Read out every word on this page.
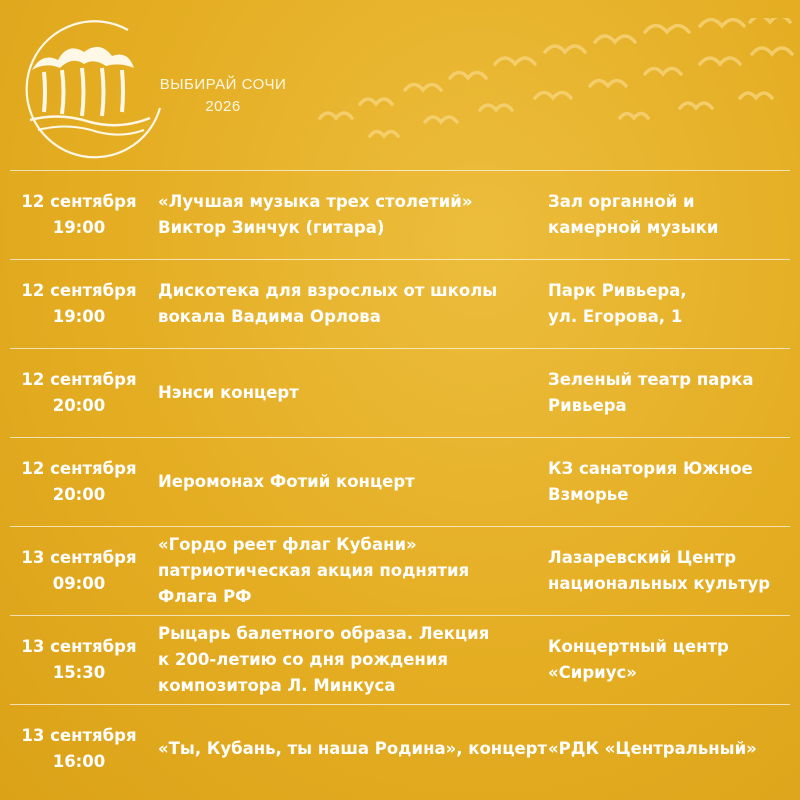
ВЫБИРАЙ СОЧИ
2026
12 сентября
19:00
«Лучшая музыка трех столетий»
Виктор Зинчук (гитара)
Зал органной и
камерной музыки
12 сентября
19:00
Дискотека для взрослых от школы
вокала Вадима Орлова
Парк Ривьера,
ул. Егорова, 1
12 сентября
20:00
Нэнси концерт
Зеленый театр парка
Ривьера
12 сентября
20:00
Иеромонах Фотий концерт
КЗ санатория Южное
Взморье
13 сентября
09:00
«Гордо реет флаг Кубани»
патриотическая акция поднятия
Флага РФ
Лазаревский Центр
национальных культур
13 сентября
15:30
Рыцарь балетного образа. Лекция
к 200-летию со дня рождения
композитора Л. Минкуса
Концертный центр
«Сириус»
13 сентября
16:00
«Ты, Кубань, ты наша Родина», концерт «РДК «Центральный»
